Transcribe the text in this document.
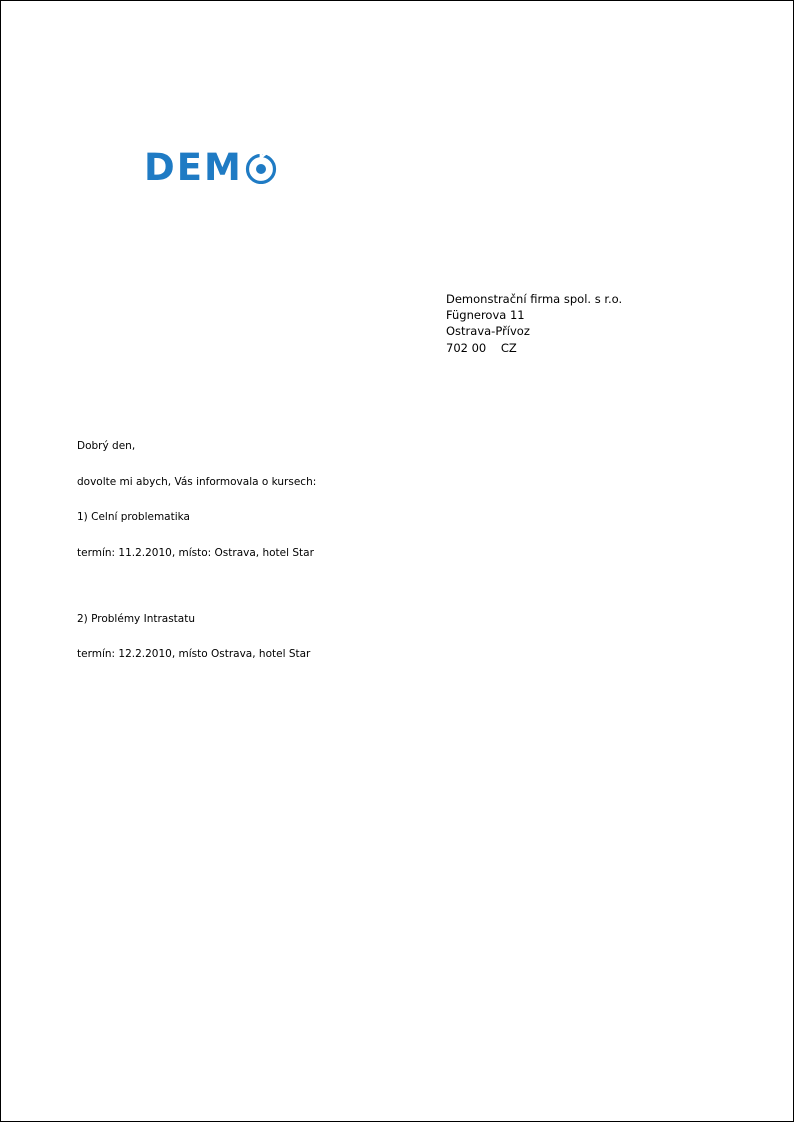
DEM
Demonstrační firma spol. s r.o.
Fügnerova 11
Ostrava-Přívoz
702 00    CZ

Dobrý den,

dovolte mi abych, Vás informovala o kursech:

1) Celní problematika

termín: 11.2.2010, místo: Ostrava, hotel Star

2) Problémy Intrastatu

termín: 12.2.2010, místo Ostrava, hotel Star
